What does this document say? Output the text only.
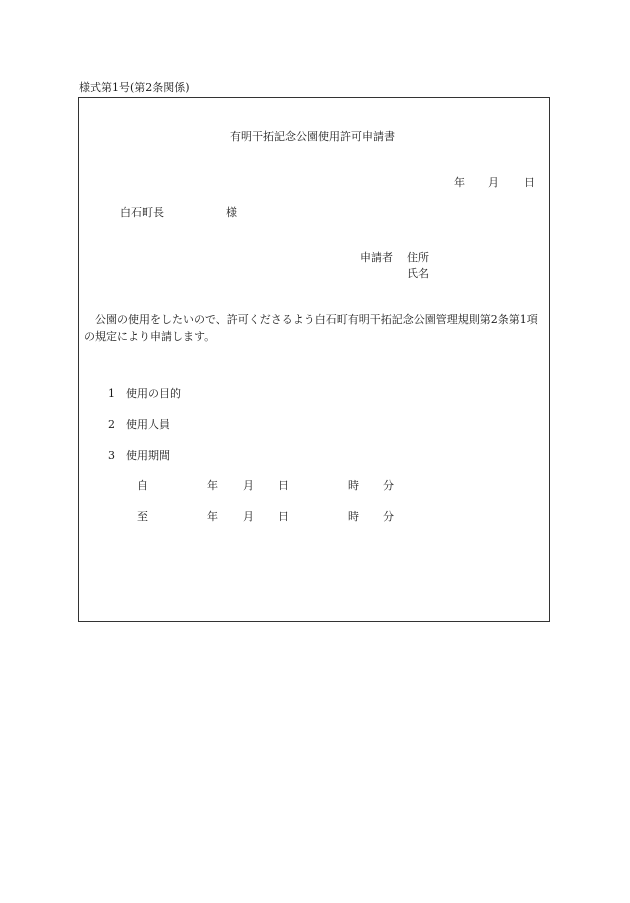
様式第1号(第2条関係)
有明干拓記念公園使用許可申請書
年 月 日
白石町長	様
申請者 住所
氏名
公園の使用をしたいので、許可くださるよう白石町有明干拓記念公園管理規則第2条第1項の規定により申請します。
1 使用の目的
2 使用人員
3 使用期間
自	年 月 日	時 分
至	年 月 日	時 分
